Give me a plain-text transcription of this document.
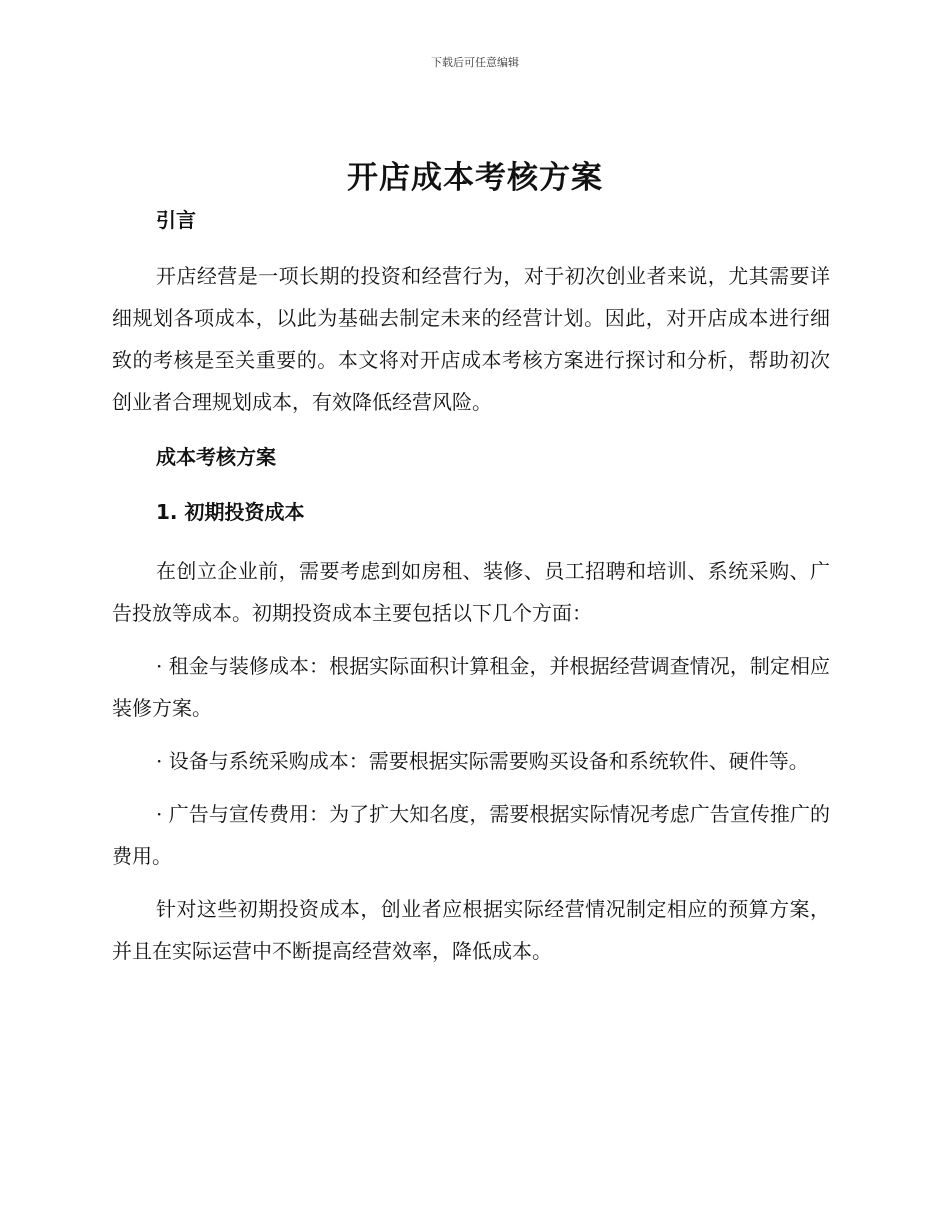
下载后可任意编辑
开店成本考核方案
引言

开店经营是一项长期的投资和经营行为，对于初次创业者来说，尤其需要详细规划各项成本，以此为基础去制定未来的经营计划。因此，对开店成本进行细致的考核是至关重要的。本文将对开店成本考核方案进行探讨和分析，帮助初次创业者合理规划成本，有效降低经营风险。

成本考核方案
1. 初期投资成本

在创立企业前，需要考虑到如房租、装修、员工招聘和培训、系统采购、广告投放等成本。初期投资成本主要包括以下几个方面：

· 租金与装修成本：根据实际面积计算租金，并根据经营调查情况，制定相应装修方案。

· 设备与系统采购成本：需要根据实际需要购买设备和系统软件、硬件等。

· 广告与宣传费用：为了扩大知名度，需要根据实际情况考虑广告宣传推广的费用。

针对这些初期投资成本，创业者应根据实际经营情况制定相应的预算方案，并且在实际运营中不断提高经营效率，降低成本。
